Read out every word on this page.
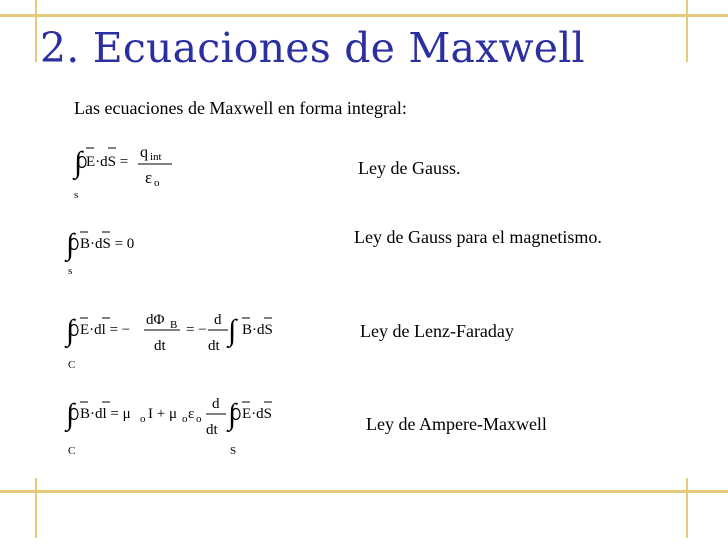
2. Ecuaciones de Maxwell
Las ecuaciones de Maxwell en forma integral:
∫ E·dS =
q int
ε o
s
Ley de Gauss.
∫ B·dS = 0
s
Ley de Gauss para el magnetismo.
∫ E·dl = −
dΦ B
dt
= −
d
dt ∫ B·dS
C
Ley de Lenz-Faraday
∫ B·dl = μ o I + μ o ε o
d
dt ∫ E·dS
C	S
Ley de Ampere-Maxwell
